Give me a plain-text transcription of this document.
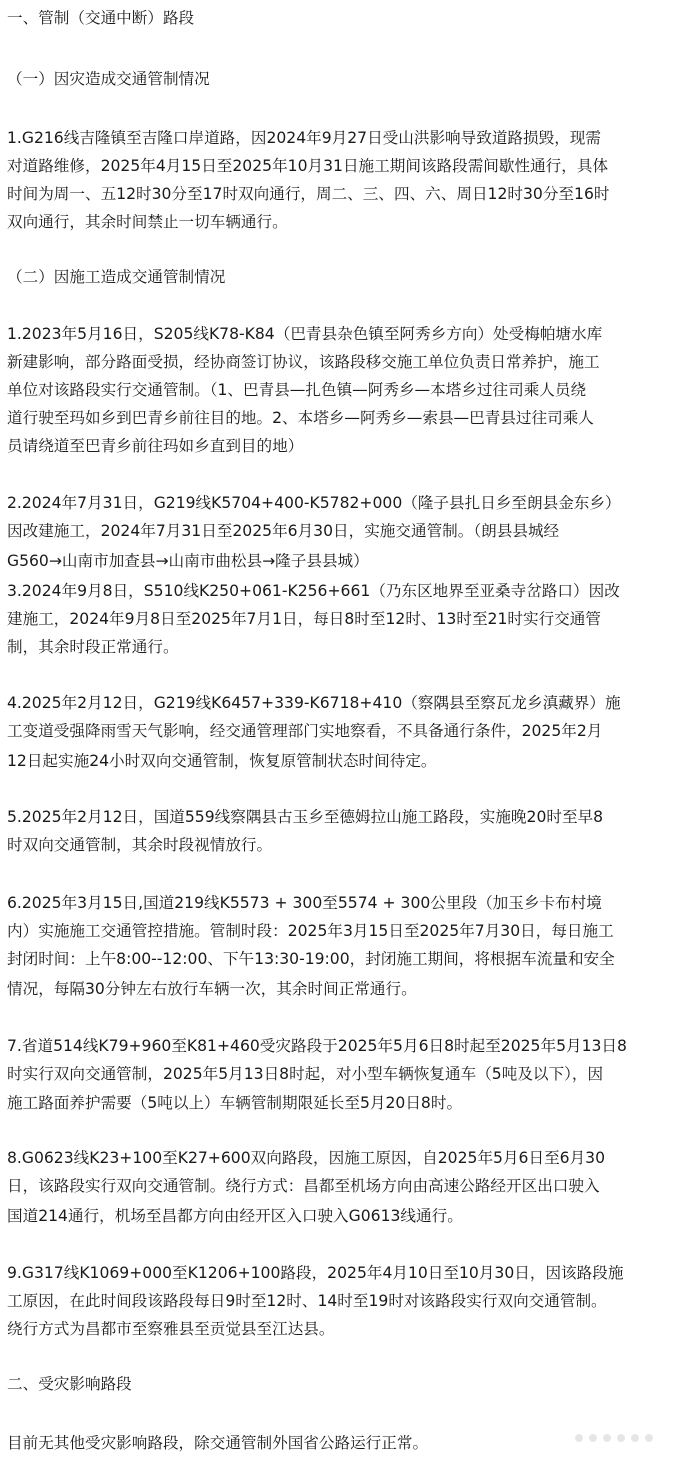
一、管制（交通中断）路段
（一）因灾造成交通管制情况
1.G216线吉隆镇至吉隆口岸道路，因2024年9月27日受山洪影响导致道路损毁，现需
对道路维修，2025年4月15日至2025年10月31日施工期间该路段需间歇性通行，具体
时间为周一、五12时30分至17时双向通行，周二、三、四、六、周日12时30分至16时
双向通行，其余时间禁止一切车辆通行。
（二）因施工造成交通管制情况
1.2023年5月16日，S205线K78-K84（巴青县杂色镇至阿秀乡方向）处受梅帕塘水库
新建影响，部分路面受损，经协商签订协议，该路段移交施工单位负责日常养护，施工
单位对该路段实行交通管制。（1、巴青县—扎色镇—阿秀乡—本塔乡过往司乘人员绕
道行驶至玛如乡到巴青乡前往目的地。2、本塔乡—阿秀乡—索县—巴青县过往司乘人
员请绕道至巴青乡前往玛如乡直到目的地）
2.2024年7月31日，G219线K5704+400-K5782+000（隆子县扎日乡至朗县金东乡）
因改建施工，2024年7月31日至2025年6月30日，实施交通管制。（朗县县城经
G560→山南市加查县→山南市曲松县→隆子县县城）
3.2024年9月8日，S510线K250+061-K256+661（乃东区地界至亚桑寺岔路口）因改
建施工，2024年9月8日至2025年7月1日，每日8时至12时、13时至21时实行交通管
制，其余时段正常通行。
4.2025年2月12日，G219线K6457+339-K6718+410（察隅县至察瓦龙乡滇藏界）施
工变道受强降雨雪天气影响，经交通管理部门实地察看，不具备通行条件，2025年2月
12日起实施24小时双向交通管制，恢复原管制状态时间待定。
5.2025年2月12日，国道559线察隅县古玉乡至德姆拉山施工路段，实施晚20时至早8
时双向交通管制，其余时段视情放行。
6.2025年3月15日,国道219线K5573 + 300至5574 + 300公里段（加玉乡卡布村境
内）实施施工交通管控措施。管制时段：2025年3月15日至2025年7月30日，每日施工
封闭时间：上午8:00--12:00、下午13:30-19:00，封闭施工期间，将根据车流量和安全
情况，每隔30分钟左右放行车辆一次，其余时间正常通行。
7.省道514线K79+960至K81+460受灾路段于2025年5月6日8时起至2025年5月13日8
时实行双向交通管制，2025年5月13日8时起，对小型车辆恢复通车（5吨及以下），因
施工路面养护需要（5吨以上）车辆管制期限延长至5月20日8时。
8.G0623线K23+100至K27+600双向路段，因施工原因，自2025年5月6日至6月30
日，该路段实行双向交通管制。绕行方式：昌都至机场方向由高速公路经开区出口驶入
国道214通行，机场至昌都方向由经开区入口驶入G0613线通行。
9.G317线K1069+000至K1206+100路段，2025年4月10日至10月30日，因该路段施
工原因，在此时间段该路段每日9时至12时、14时至19时对该路段实行双向交通管制。
绕行方式为昌都市至察雅县至贡觉县至江达县。
二、受灾影响路段
目前无其他受灾影响路段，除交通管制外国省公路运行正常。
